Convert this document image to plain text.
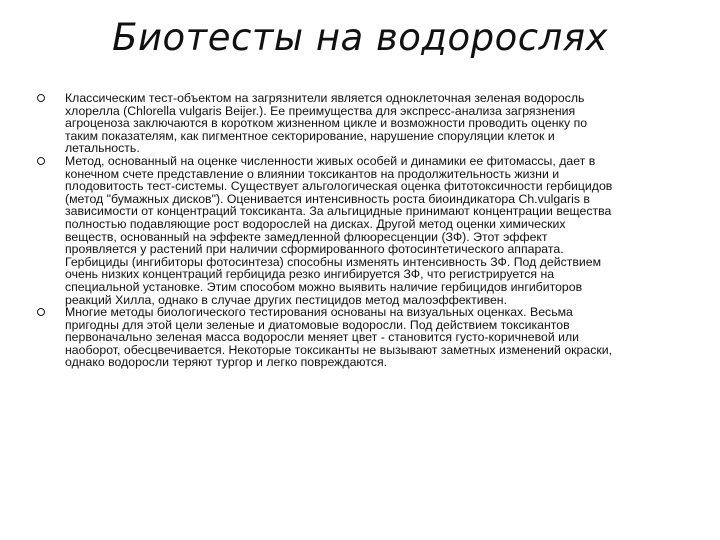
Биотесты на водорослях
Классическим тест-объектом на загрязнители является одноклеточная зеленая водоросль хлорелла (Chlorella vulgaris Beijer.). Ее преимущества для экспресс-анализа загрязнения агроценоза заключаются в коротком жизненном цикле и возможности проводить оценку по таким показателям, как пигментное секторирование, нарушение споруляции клеток и летальность.
Метод, основанный на оценке численности живых особей и динамики ее фитомассы, дает в конечном счете представление о влиянии токсикантов на продолжительность жизни и плодовитость тест-системы. Существует альгологическая оценка фитотоксичности гербицидов (метод "бумажных дисков"). Оценивается интенсивность роста биоиндикатора Ch.vulgaris в зависимости от концентраций токсиканта. За альгицидные принимают концентрации вещества полностью подавляющие рост водорослей на дисках. Другой метод оценки химических веществ, основанный на эффекте замедленной флюоресценции (ЗФ). Этот эффект проявляется у растений при наличии сформированного фотосинтетического аппарата. Гербициды (ингибиторы фотосинтеза) способны изменять интенсивность ЗФ. Под действием очень низких концентраций гербицида резко ингибируется ЗФ, что регистрируется на специальной установке. Этим способом можно выявить наличие гербицидов ингибиторов реакций Хилла, однако в случае других пестицидов метод малоэффективен.
Многие методы биологического тестирования основаны на визуальных оценках. Весьма пригодны для этой цели зеленые и диатомовые водоросли. Под действием токсикантов первоначально зеленая масса водоросли меняет цвет - становится густо-коричневой или наоборот, обесцвечивается. Некоторые токсиканты не вызывают заметных изменений окраски, однако водоросли теряют тургор и легко повреждаются.
